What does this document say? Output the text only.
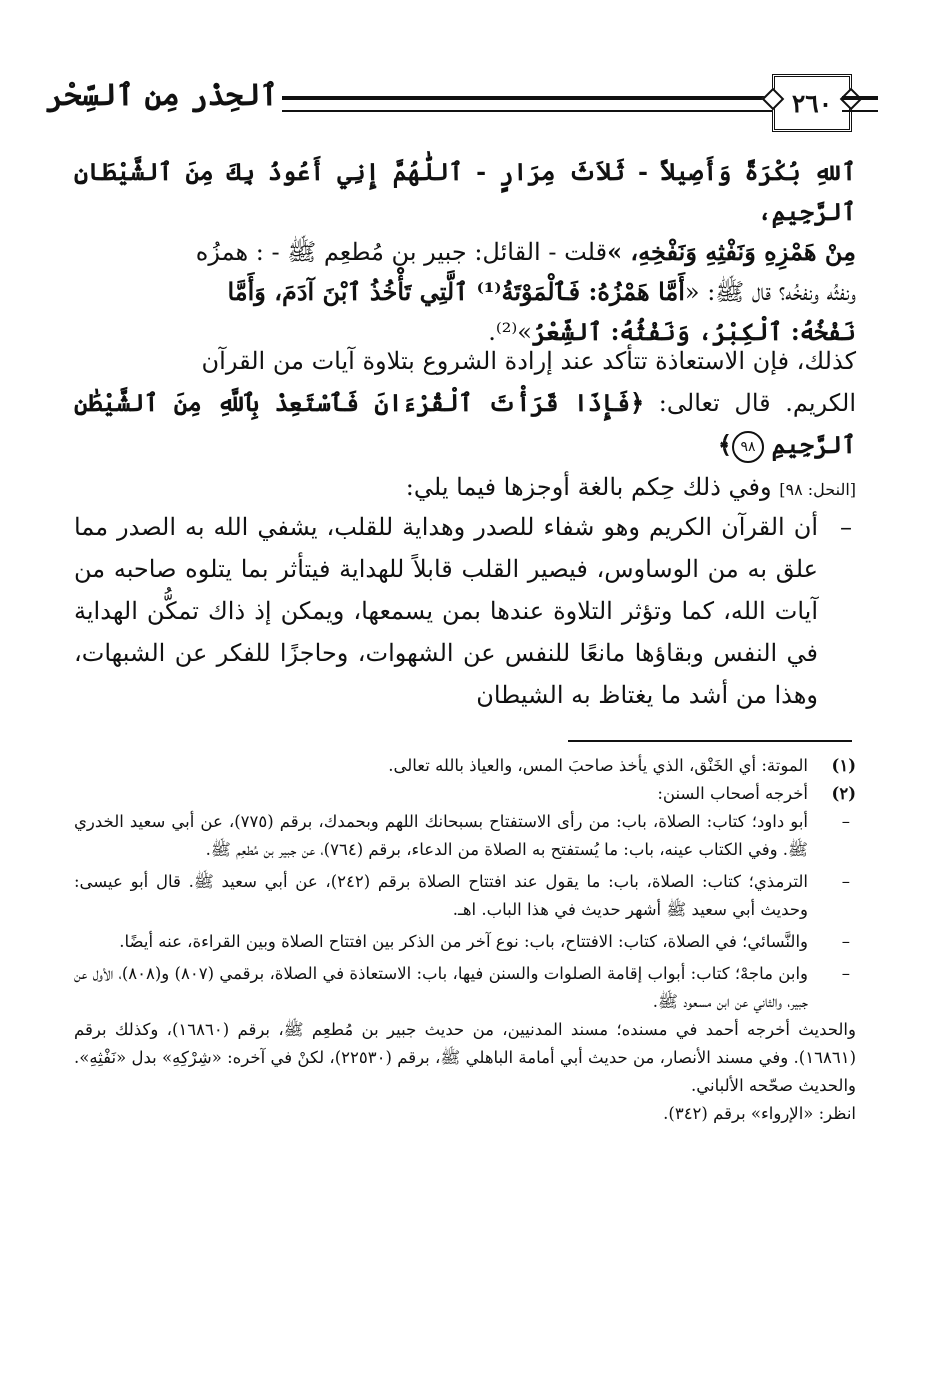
ٱلحِذْر مِن ٱلسِّحْر	٢٦٠
ٱللهِ بُكْرَةً وَأَصِيلاً - ثَلاَثَ مِرَارٍ - ٱللّٰهُمَّ إِنِي أَعُوذُ بِكَ مِنَ ٱلشَّيْطَانِ ٱلرَّجِيمِ،
مِنْ هَمْزِهِ وَنَفْثِهِ وَنَفْخِهِ، »قلت - القائل: جبير بن مُطعِم ﷺ - : همزُه
ونفثُه ونفخُه؟ قال ﷺ: «أَمَّا هَمْزُهُ: فَٱلْمَوْتَةُ⁽¹⁾ ٱلَّتِي تَأْخُذُ ٱبْنَ آدَمَ، وَأَمَّا
نَفْخُهُ: ٱلْكِبْرُ، وَنَفْثُهُ: ٱلشِّعْرُ»⁽²⁾.
كذلك، فإن الاستعاذة تتأكد عند إرادة الشروع بتلاوة آيات من القرآن
الكريم. قال تعالى: ﴿فَإِذَا قَرَأْتَ ٱلْقُرْءَانَ فَٱسْتَعِذْ بِٱللَّهِ مِنَ ٱلشَّيْطَٰنِ ٱلرَّجِيمِ ٩٨﴾
[النحل: ٩٨] وفي ذلك حِكم بالغة أوجزها فيما يلي:
–
أن القرآن الكريم وهو شفاء للصدر وهداية للقلب، يشفي الله به الصدر مما علق به من الوساوس، فيصير القلب قابلاً للهداية فيتأثر بما يتلوه صاحبه من آيات الله، كما وتؤثر التلاوة عندها بمن يسمعها، ويمكن إذ ذاك تمكُّن الهداية في النفس وبقاؤها مانعًا للنفس عن الشهوات، وحاجزًا للفكر عن الشبهات، وهذا من أشد ما يغتاظ به الشيطان
(١)
الموتة: أي الخَنْق، الذي يأخذ صاحبَ المس، والعياذ بالله تعالى.
(٢)
أخرجه أصحاب السنن:
–
أبو داود؛ كتاب: الصلاة، باب: من رأى الاستفتاح بسبحانك اللهم وبحمدك، برقم (٧٧٥)، عن أبي سعيد الخدري ﷺ. وفي الكتاب عينه، باب: ما يُستفتح به الصلاة من الدعاء، برقم (٧٦٤)، عن جبير بن مُطعِم ﷺ.
–
الترمذي؛ كتاب: الصلاة، باب: ما يقول عند افتتاح الصلاة برقم (٢٤٢)، عن أبي سعيد ﷺ. قال أبو عيسى: وحديث أبي سعيد ﷺ أشهر حديث في هذا الباب. اهـ.
–
والنَّسائي؛ في الصلاة، كتاب: الافتتاح، باب: نوع آخر من الذكر بين افتتاح الصلاة وبين القراءة، عنه أيضًا.
–
وابن ماجهْ؛ كتاب: أبواب إقامة الصلوات والسنن فيها، باب: الاستعاذة في الصلاة، برقمي (٨٠٧) و(٨٠٨)، الأول عن جبير، والثاني عن ابن مسعود ﷺ.
والحديث أخرجه أحمد في مسنده؛ مسند المدنيين، من حديث جبير بن مُطعِم ﷺ، برقم (١٦٨٦٠)، وكذلك برقم (١٦٨٦١). وفي مسند الأنصار، من حديث أبي أمامة الباهلي ﷺ، برقم (٢٢٥٣٠)، لكنْ في آخره: «شِرْكِهِ» بدل «نَفْثِهِ». والحديث صحّحه الألباني.
انظر: «الإرواء» برقم (٣٤٢).
